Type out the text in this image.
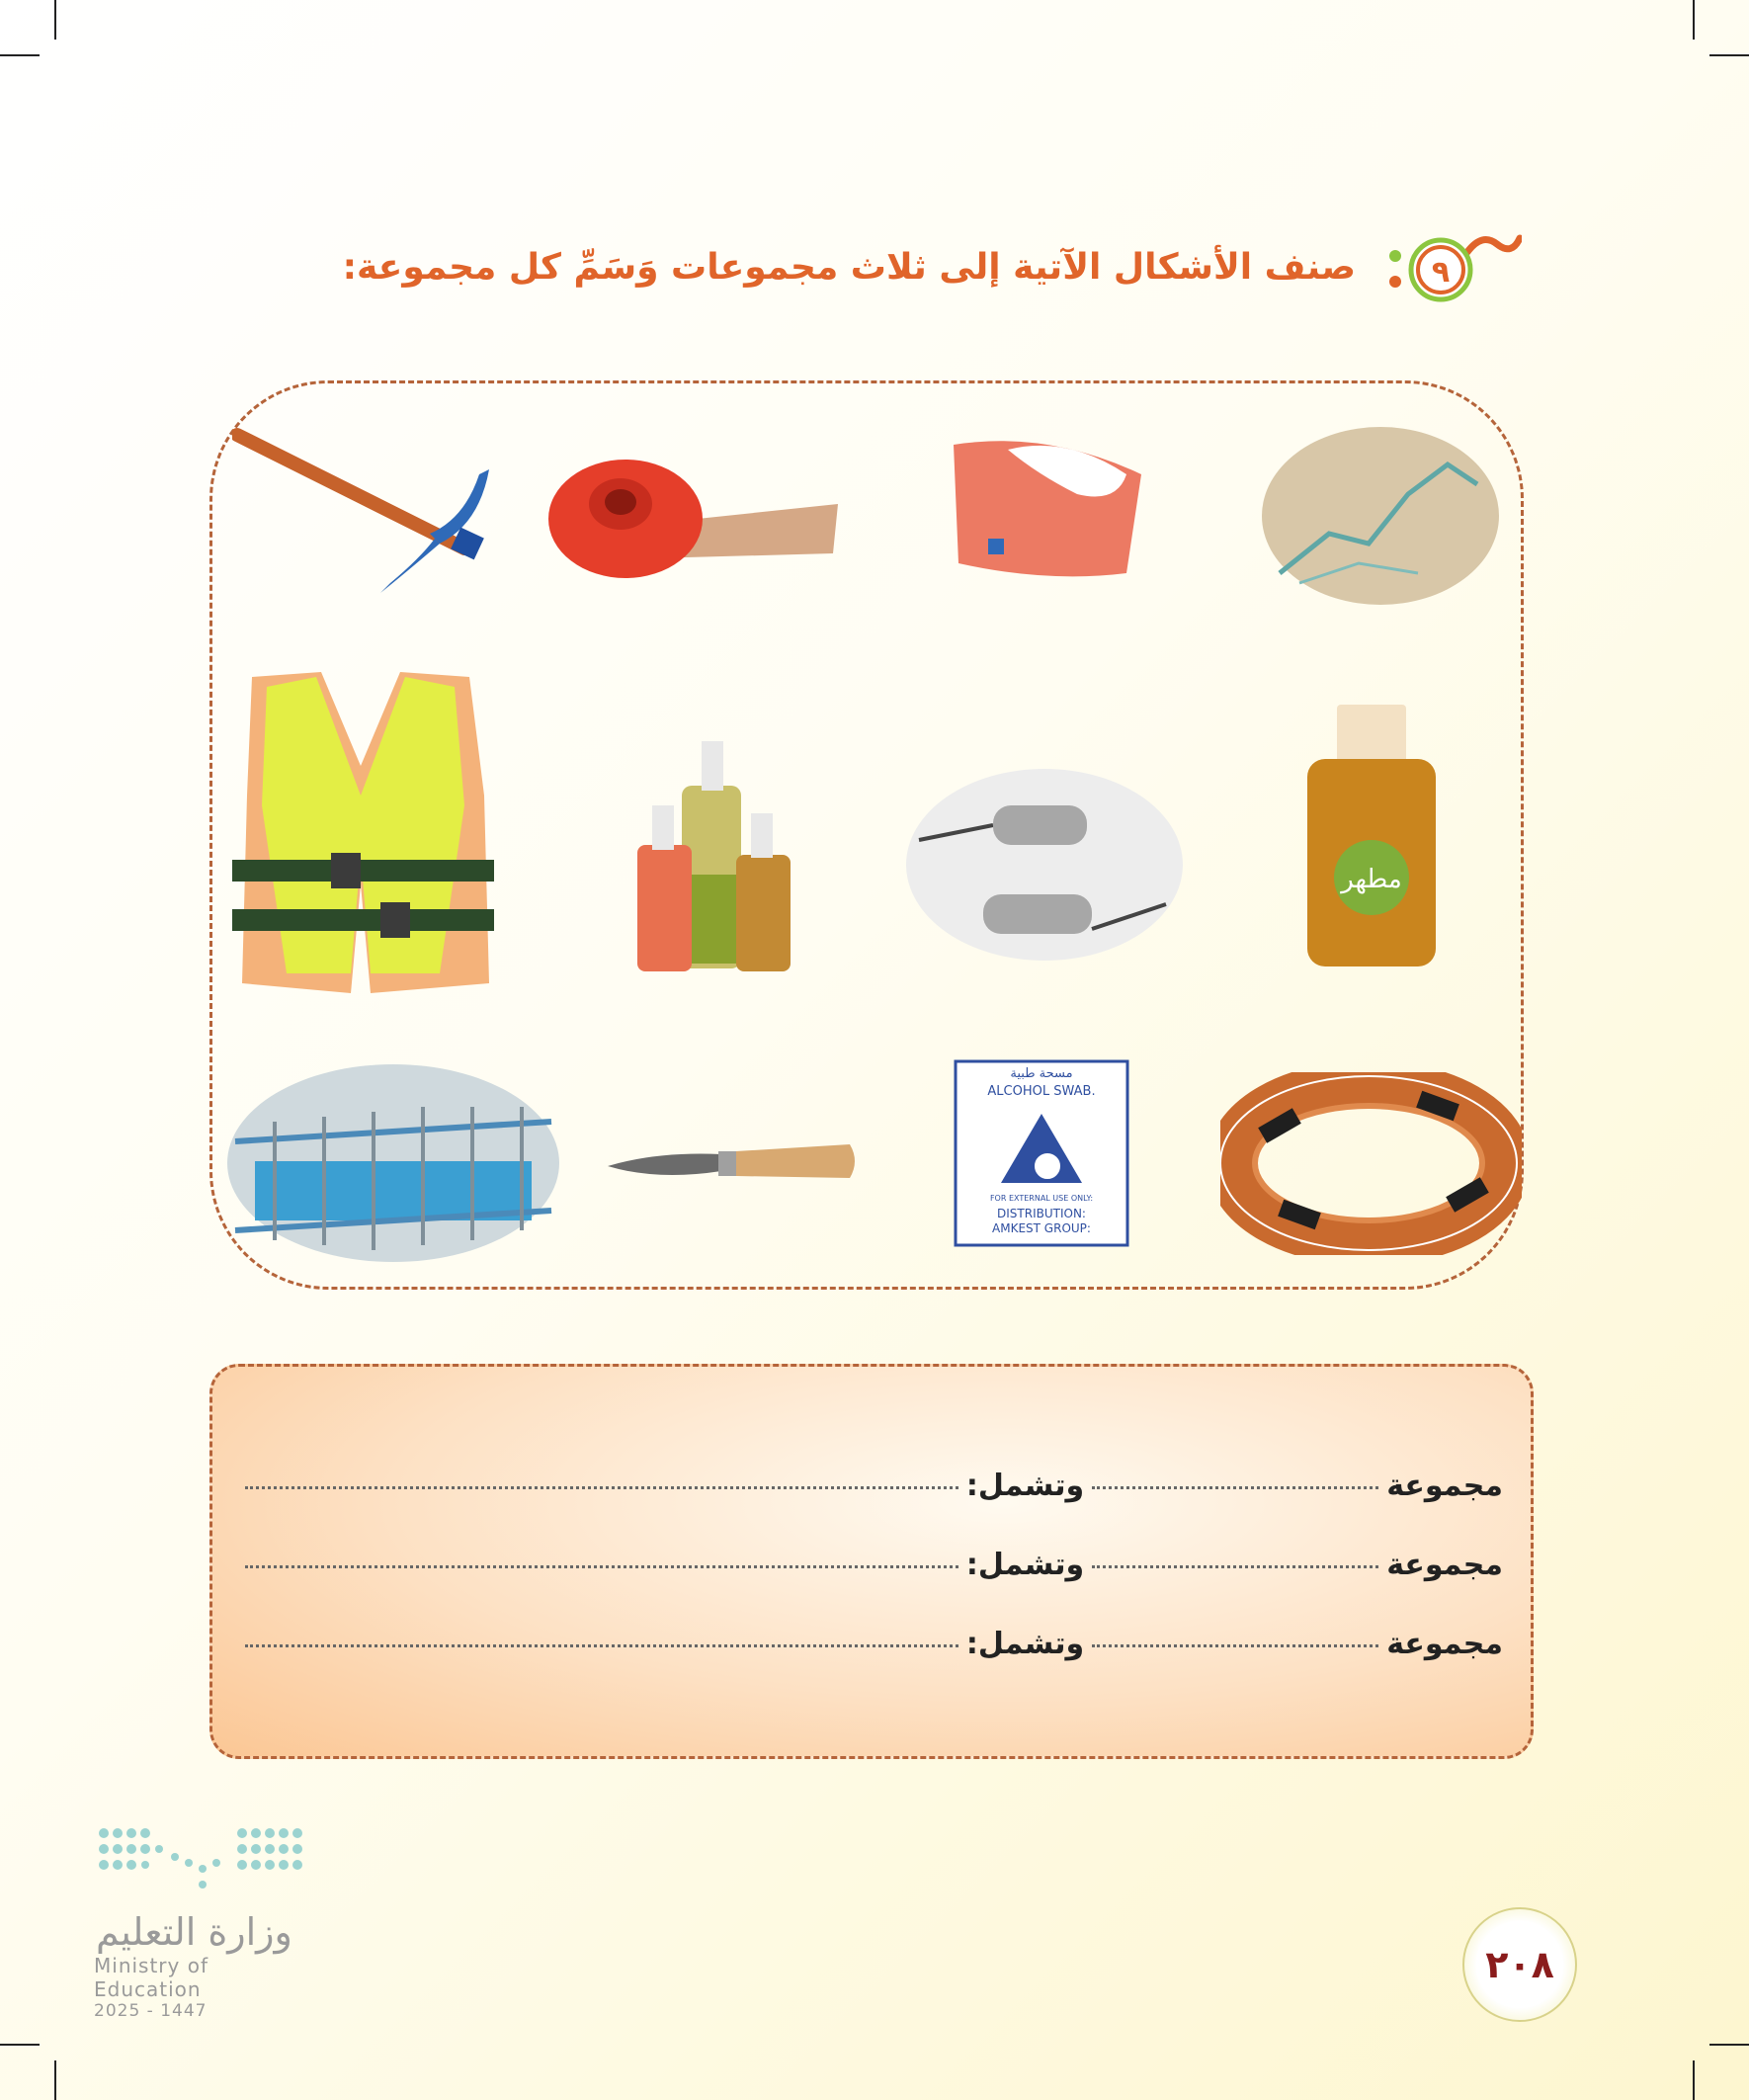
٩
صنف الأشكال الآتية إلى ثلاث مجموعات وَسَمِّ كل مجموعة:
مطهر
مسحة طبية
ALCOHOL SWAB.
FOR EXTERNAL USE ONLY:
DISTRIBUTION:
AMKEST GROUP:
مجموعة
وتشمل:
مجموعة
وتشمل:
مجموعة
وتشمل:
وزارة التعليم
Ministry of Education
2025 - 1447
٢٠٨
